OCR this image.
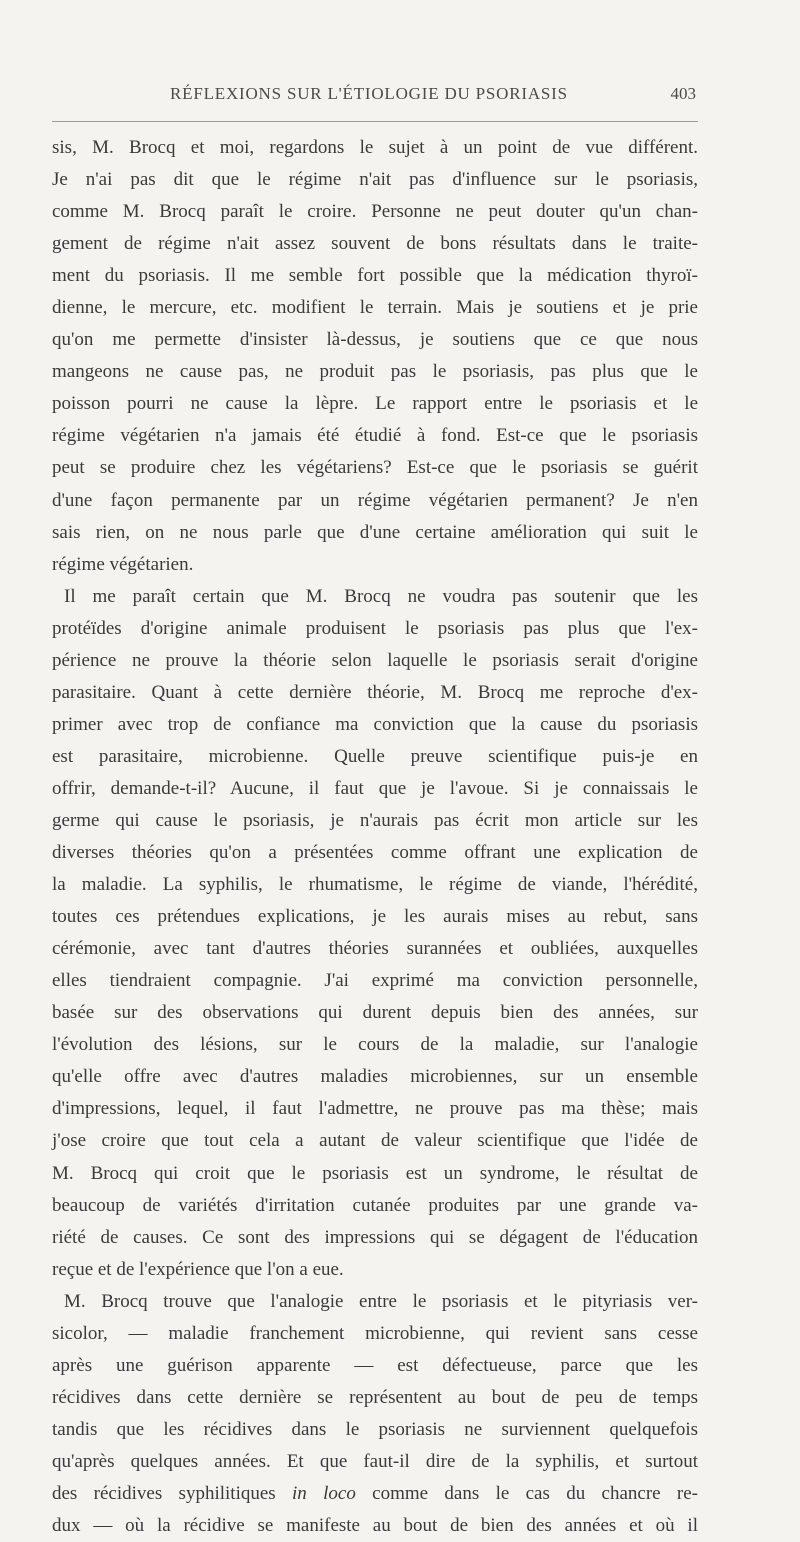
RÉFLEXIONS SUR L'ÉTIOLOGIE DU PSORIASIS	403
sis, M. Brocq et moi, regardons le sujet à un point de vue différent.
Je n'ai pas dit que le régime n'ait pas d'influence sur le psoriasis,
comme M. Brocq paraît le croire. Personne ne peut douter qu'un chan-
gement de régime n'ait assez souvent de bons résultats dans le traite-
ment du psoriasis. Il me semble fort possible que la médication thyroï-
dienne, le mercure, etc. modifient le terrain. Mais je soutiens et je prie
qu'on me permette d'insister là-dessus, je soutiens que ce que nous
mangeons ne cause pas, ne produit pas le psoriasis, pas plus que le
poisson pourri ne cause la lèpre. Le rapport entre le psoriasis et le
régime végétarien n'a jamais été étudié à fond. Est-ce que le psoriasis
peut se produire chez les végétariens? Est-ce que le psoriasis se guérit
d'une façon permanente par un régime végétarien permanent? Je n'en
sais rien, on ne nous parle que d'une certaine amélioration qui suit le
régime végétarien.
Il me paraît certain que M. Brocq ne voudra pas soutenir que les
protéïdes d'origine animale produisent le psoriasis pas plus que l'ex-
périence ne prouve la théorie selon laquelle le psoriasis serait d'origine
parasitaire. Quant à cette dernière théorie, M. Brocq me reproche d'ex-
primer avec trop de confiance ma conviction que la cause du psoriasis
est parasitaire, microbienne. Quelle preuve scientifique puis-je en
offrir, demande-t-il? Aucune, il faut que je l'avoue. Si je connaissais le
germe qui cause le psoriasis, je n'aurais pas écrit mon article sur les
diverses théories qu'on a présentées comme offrant une explication de
la maladie. La syphilis, le rhumatisme, le régime de viande, l'hérédité,
toutes ces prétendues explications, je les aurais mises au rebut, sans
cérémonie, avec tant d'autres théories surannées et oubliées, auxquelles
elles tiendraient compagnie. J'ai exprimé ma conviction personnelle,
basée sur des observations qui durent depuis bien des années, sur
l'évolution des lésions, sur le cours de la maladie, sur l'analogie
qu'elle offre avec d'autres maladies microbiennes, sur un ensemble
d'impressions, lequel, il faut l'admettre, ne prouve pas ma thèse; mais
j'ose croire que tout cela a autant de valeur scientifique que l'idée de
M. Brocq qui croit que le psoriasis est un syndrome, le résultat de
beaucoup de variétés d'irritation cutanée produites par une grande va-
riété de causes. Ce sont des impressions qui se dégagent de l'éducation
reçue et de l'expérience que l'on a eue.
M. Brocq trouve que l'analogie entre le psoriasis et le pityriasis ver-
sicolor, — maladie franchement microbienne, qui revient sans cesse
après une guérison apparente — est défectueuse, parce que les
récidives dans cette dernière se représentent au bout de peu de temps
tandis que les récidives dans le psoriasis ne surviennent quelquefois
qu'après quelques années. Et que faut-il dire de la syphilis, et surtout
des récidives syphilitiques in loco comme dans le cas du chancre re-
dux — où la récidive se manifeste au bout de bien des années et où il
